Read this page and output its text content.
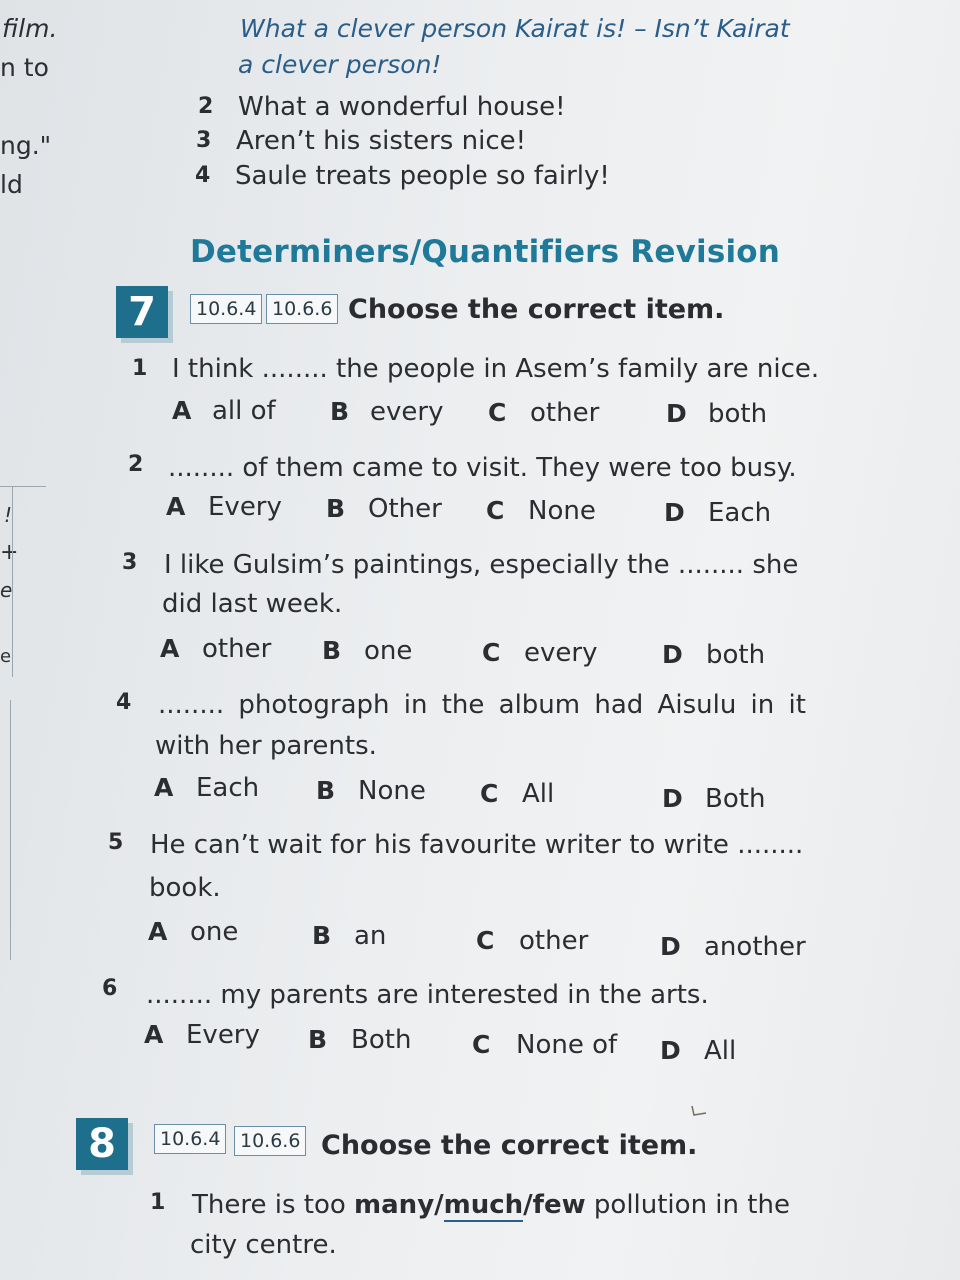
film.
n to
ng."
ld
!
+
e
e
What a clever person Kairat is! – Isn’t Kairat
a clever person!
2 What a wonderful house!
3 Aren’t his sisters nice!
4 Saule treats people so fairly!
Determiners/Quantifiers Revision
7	10.6.4 10.6.6 Choose the correct item.
1 I think ........ the people in Asem’s family are nice.
A all of B every C other	D both
2 ........ of them came to visit. They were too busy.
A Every B Other C None	D Each
3 I like Gulsim’s paintings, especially the ........ she
did last week.
A other B one	C every	D both
4 ........ photograph in the album had Aisulu in it
with her parents.
A Each B None C All	D Both
5 He can’t wait for his favourite writer to write ........
book.
A one	B an	C other	D another
6 ........ my parents are interested in the arts.
A Every B Both C None of D All
8	10.6.4	10.6.6 Choose the correct item.
1 There is too many/much/few pollution in the
city centre.
